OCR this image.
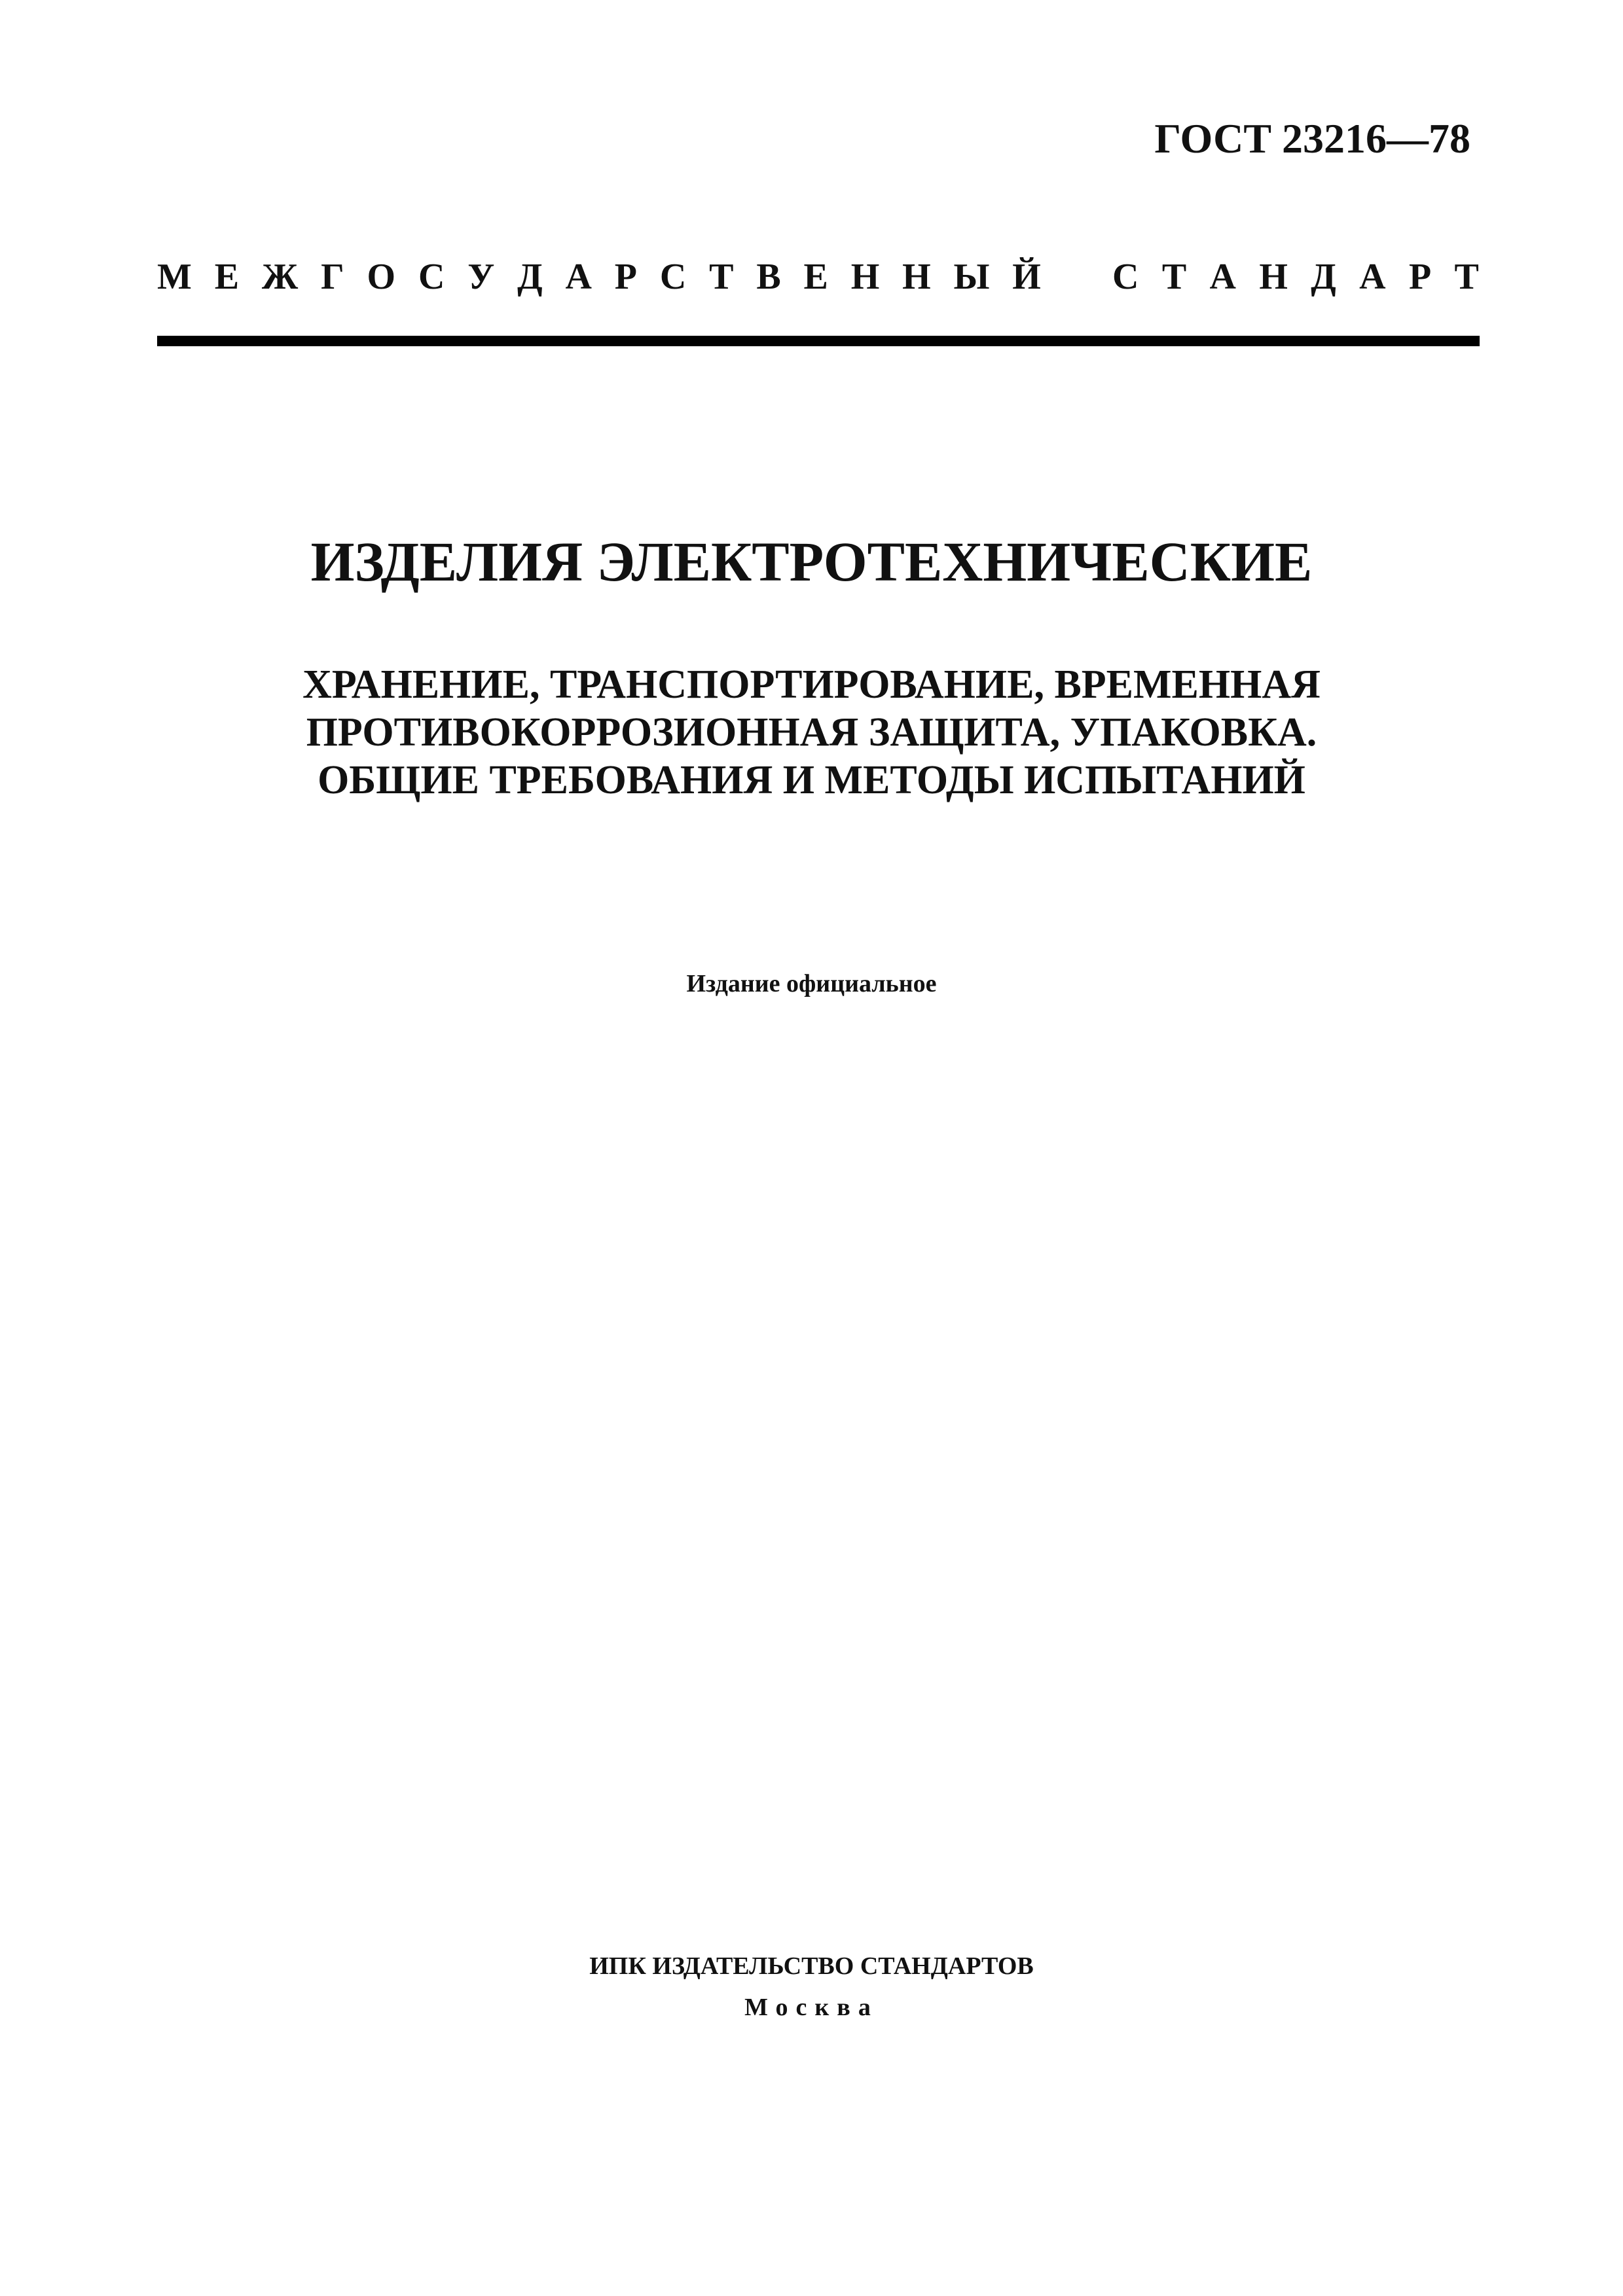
ГОСТ 23216—78
М Е Ж Г О С У Д А Р С Т В Е Н Н Ы Й С Т А Н Д А Р Т
ИЗДЕЛИЯ ЭЛЕКТРОТЕХНИЧЕСКИЕ
ХРАНЕНИЕ, ТРАНСПОРТИРОВАНИЕ, ВРЕМЕННАЯ
ПРОТИВОКОРРОЗИОННАЯ ЗАЩИТА, УПАКОВКА.
ОБЩИЕ ТРЕБОВАНИЯ И МЕТОДЫ ИСПЫТАНИЙ
Издание официальное
ИПК ИЗДАТЕЛЬСТВО СТАНДАРТОВ
Москва
